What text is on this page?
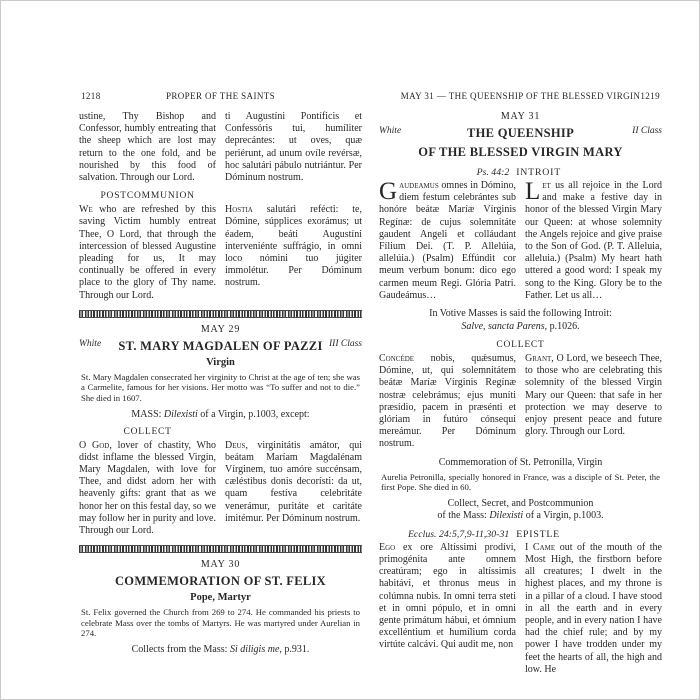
1218	PROPER OF THE SAINTS
ustine, Thy Bishop and Confessor, humbly entreating that the sheep which are lost may return to the one fold, and be nourished by this food of salvation. Through our Lord.
ti Augustíni Pontíficis et Confessóris tui, humíliter deprecántes: ut oves, quæ periérunt, ad unum ovíle revérsæ, hoc salutári pábulo nutriántur. Per Dóminum nostrum.
POSTCOMMUNION
We who are refreshed by this saving Victim humbly entreat Thee, O Lord, that through the intercession of blessed Augustine pleading for us, It may continually be offered in every place to the glory of Thy name. Through our Lord.
Hostia salutári refécti: te, Dómine, súpplices exorámus; ut éadem, beáti Augustíni interveniénte suffrágio, in omni loco nómini tuo júgiter immolétur. Per Dóminum nostrum.
MAY 29
White ST. MARY MAGDALEN OF PAZZI III Class
Virgin
St. Mary Magdalen consecrated her virginity to Christ at the age of ten; she was a Carmelite, famous for her visions. Her motto was “To suffer and not to die.” She died in 1607.
MASS: Dilexisti of a Virgin, p.1003, except:
COLLECT
O God, lover of chastity, Who didst inflame the blessed Virgin, Mary Magdalen, with love for Thee, and didst adorn her with heavenly gifts: grant that as we honor her on this festal day, so we may follow her in purity and love. Through our Lord.
Deus, virginitátis amátor, qui beátam Maríam Magdalénam Vírginem, tuo amóre succénsam, cæléstibus donis decorísti: da ut, quam festíva celebritáte venerámur, puritáte et caritáte imitémur. Per Dóminum nostrum.
MAY 30
COMMEMORATION OF ST. FELIX
Pope, Martyr
St. Felix governed the Church from 269 to 274. He commanded his priests to celebrate Mass over the tombs of Martyrs. He was martyred under Aurelian in 274.
Collects from the Mass: Si diligis me, p.931.
MAY 31 — THE QUEENSHIP OF THE BLESSED VIRGIN 1219
MAY 31
White	THE QUEENSHIP	II Class
OF THE BLESSED VIRGIN MARY
Ps. 44:2 INTROIT
Gaudeamus omnes in Dómino, diem festum celebrántes sub honóre beátæ Maríæ Vírginis Regínæ: de cujus solemnitáte gaudent Angeli et colláudant Fílium Dei. (T. P. Allelúia, allelúia.) (Psalm) Effúndit cor meum verbum bonum: dico ego carmen meum Regi. Glória Patri. Gaudeámus…
Let us all rejoice in the Lord and make a festive day in honor of the blessed Virgin Mary our Queen: at whose solemnity the Angels rejoice and give praise to the Son of God. (P. T. Alleluia, alleluia.) (Psalm) My heart hath uttered a good word: I speak my song to the King. Glory be to the Father. Let us all…
In Votive Masses is said the following Introit:
Salve, sancta Parens, p.1026.
COLLECT
Concéde nobis, quǽsumus, Dómine, ut, qui solemnitátem beátæ Maríæ Vírginis Regínæ nostræ celebrámus; ejus muníti præsídio, pacem in præsénti et glóriam in futúro cónsequi mereámur. Per Dóminum nostrum.
Grant, O Lord, we beseech Thee, to those who are celebrating this solemnity of the blessed Virgin Mary our Queen: that safe in her protection we may deserve to enjoy present peace and future glory. Through our Lord.
Commemoration of St. Petronilla, Virgin
Aurelia Petronilla, specially honored in France, was a disciple of St. Peter, the first Pope. She died in 60.
Collect, Secret, and Postcommunion
of the Mass: Dilexisti of a Virgin, p.1003.
Ecclus. 24:5,7,9-11,30-31 EPISTLE
Ego ex ore Altíssimi prodívi, primogénita ante omnem creatúram; ego in altíssimis habitávi, et thronus meus in colúmna nubis. In omni terra steti et in omni pópulo, et in omni gente primátum hábui, et ómnium excelléntium et humílium corda virtúte calcávi. Qui audit me, non
I Came out of the mouth of the Most High, the firstborn before all creatures; I dwelt in the highest places, and my throne is in a pillar of a cloud. I have stood in all the earth and in every people, and in every nation I have had the chief rule; and by my power I have trodden under my feet the hearts of all, the high and low. He
